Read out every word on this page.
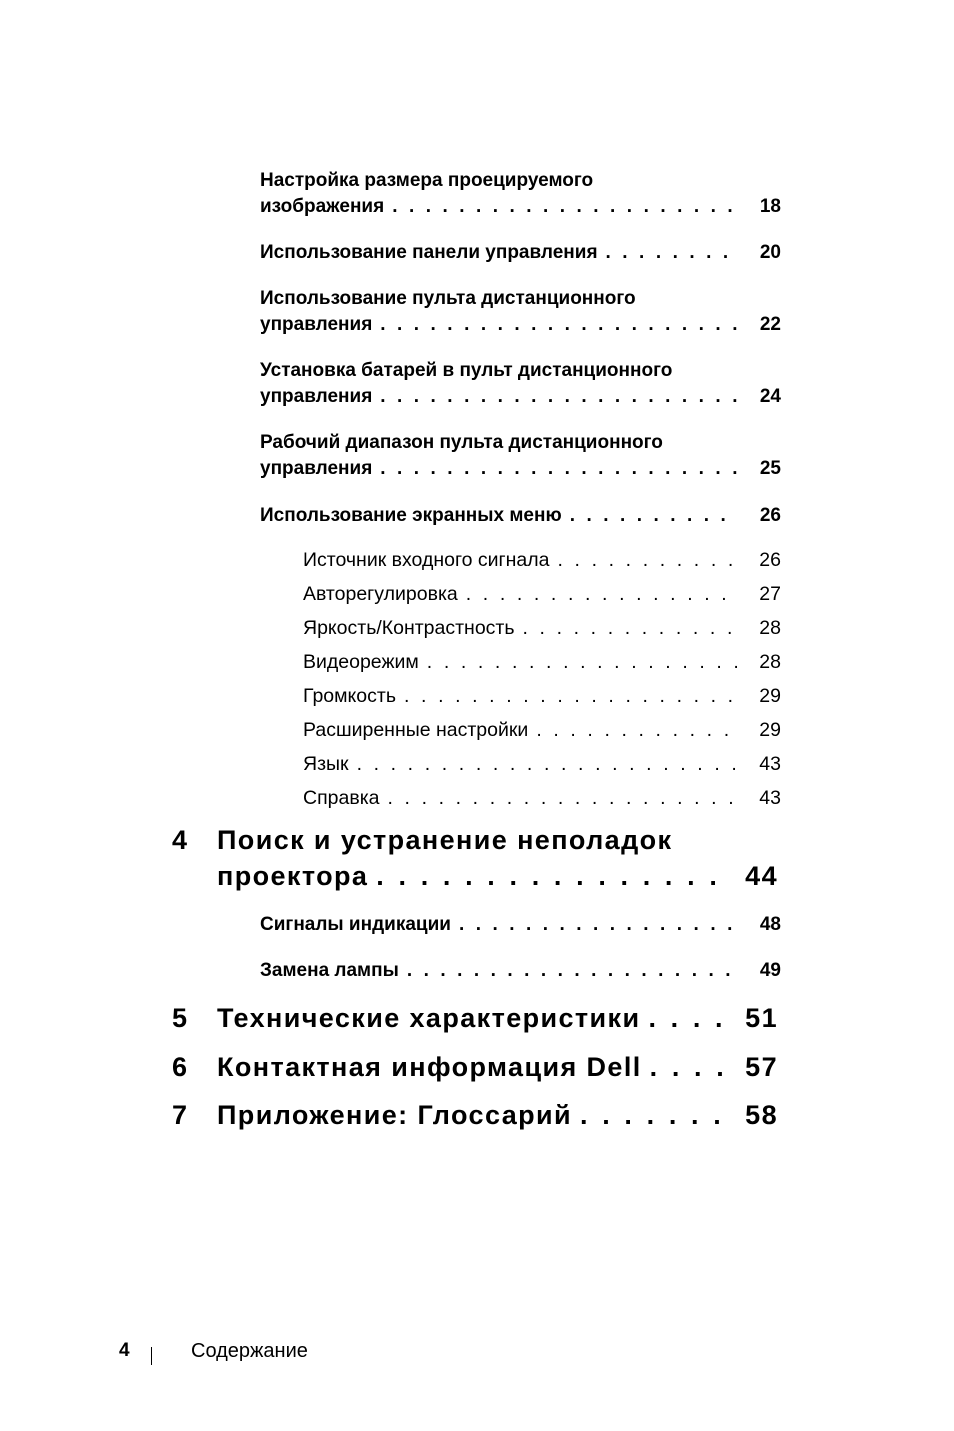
Настройка размера проецируемого
изображения . . .	18
Использование панели управления . . .	20
Использование пульта дистанционного
управления . . .	22
Установка батарей в пульт дистанционного
управления . . .	24
Рабочий диапазон пульта дистанционного
управления . . .	25
Использование экранных меню . . .	26
Источник входного сигнала . . .	26
Авторегулировка . . .	27
Яркость/Контрастность . . .	28
Видеорежим . . .	28
Громкость . . .	29
Расширенные настройки . . .	29
Язык . . .	43
Справка . . .	43
4 Поиск и устранение неполадок
проектора . . .	44
Сигналы индикации . . .	48
Замена лампы . . .	49
5	Технические характеристики . . .	51
6	Контактная информация Dell . . .	57
7	Приложение: Глоссарий . . .	58
4	Содержание
